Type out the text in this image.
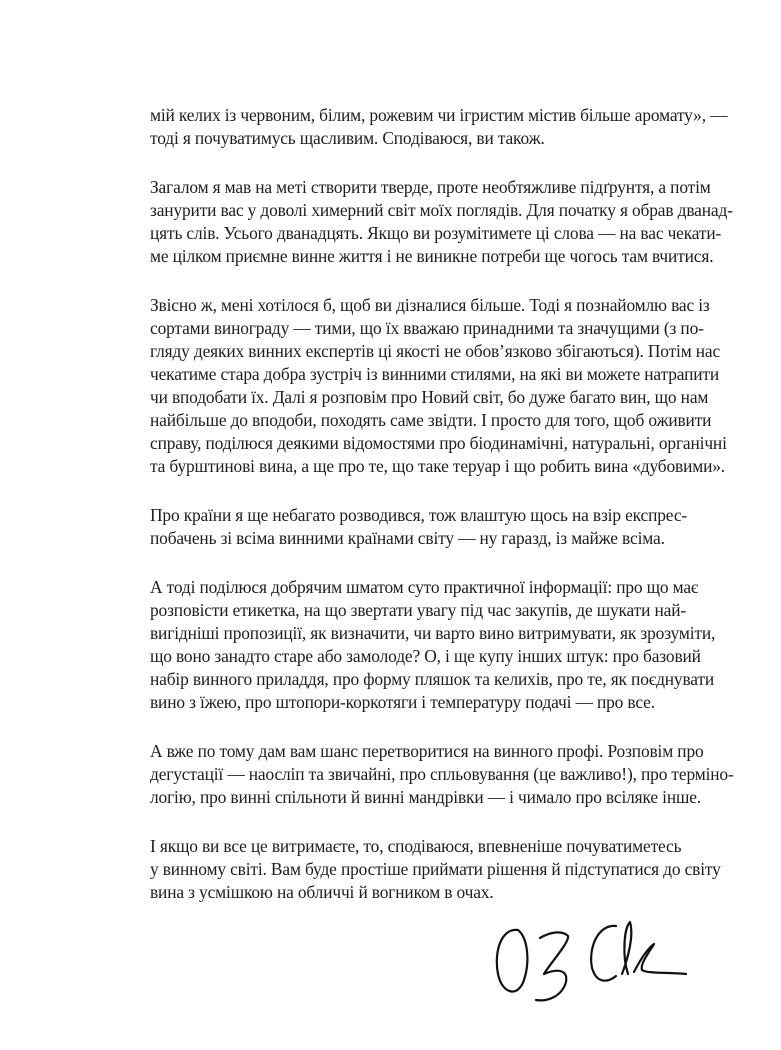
мій келих із червоним, білим, рожевим чи ігристим містив більше аромату», —
тоді я почуватимусь щасливим. Сподіваюся, ви також.

Загалом я мав на меті створити тверде, проте необтяжливе підґрунтя, а потім
занурити вас у доволі химерний світ моїх поглядів. Для початку я обрав дванад-
цять слів. Усього дванадцять. Якщо ви розумітимете ці слова — на вас чекати-
ме цілком приємне винне життя і не виникне потреби ще чогось там вчитися.

Звісно ж, мені хотілося б, щоб ви дізналися більше. Тоді я познайомлю вас із
сортами винограду — тими, що їх вважаю принадними та значущими (з по-
гляду деяких винних експертів ці якості не обов’язково збігаються). Потім нас
чекатиме стара добра зустріч із винними стилями, на які ви можете натрапити
чи вподобати їх. Далі я розповім про Новий світ, бо дуже багато вин, що нам
найбільше до вподоби, походять саме звідти. І просто для того, щоб оживити
справу, поділюся деякими відомостями про біодинамічні, натуральні, органічні
та бурштинові вина, а ще про те, що таке теруар і що робить вина «дубовими».

Про країни я ще небагато розводився, тож влаштую щось на взір експрес-
побачень зі всіма винними країнами світу — ну гаразд, із майже всіма.

А тоді поділюся добрячим шматом суто практичної інформації: про що має
розповісти етикетка, на що звертати увагу під час закупів, де шукати най-
вигідніші пропозиції, як визначити, чи варто вино витримувати, як зрозуміти,
що воно занадто старе або замолоде? О, і ще купу інших штук: про базовий
набір винного приладдя, про форму пляшок та келихів, про те, як поєднувати
вино з їжею, про штопори-коркотяги і температуру подачі — про все.

А вже по тому дам вам шанс перетворитися на винного профі. Розповім про
дегустації — наосліп та звичайні, про спльовування (це важливо!), про терміно-
логію, про винні спільноти й винні мандрівки — і чимало про всіляке інше.

І якщо ви все це витримаєте, то, сподіваюся, впевненіше почуватиметесь
у винному світі. Вам буде простіше приймати рішення й підступатися до світу
вина з усмішкою на обличчі й вогником в очах.
